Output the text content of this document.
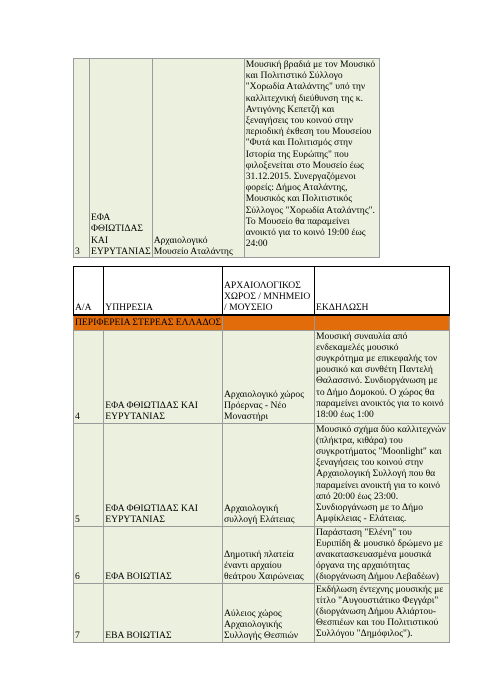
3	ΕΦΑ ΦΘΙΩΤΙΔΑΣ ΚΑΙ ΕΥΡΥΤΑΝΙΑΣ	Αρχαιολογικό Μουσείο Αταλάντης	Μουσική βραδιά με τον Μουσικό και Πολιτιστικό Σύλλογο "Χορωδία Αταλάντης" υπό την καλλιτεχνική διεύθυνση της κ. Αντιγόνης Κεπετζή και ξεναγήσεις του κοινού στην περιοδική έκθεση του Μουσείου "Φυτά και Πολιτισμός στην Ιστορία της Ευρώπης" που φιλοξενείται στο Μουσείο έως 31.12.2015. Συνεργαζόμενοι φορείς: Δήμος Αταλάντης, Μουσικός και Πολιτιστικός Σύλλογος "Χορωδία Αταλάντης". Το Μουσείο θα παραμείνει ανοικτό για το κοινό 19:00 έως 24:00
Α/Α	ΥΠΗΡΕΣΙΑ	ΑΡΧΑΙΟΛΟΓΙΚΟΣ ΧΩΡΟΣ / ΜΝΗΜΕΙΟ / ΜΟΥΣΕΙΟ	ΕΚΔΗΛΩΣΗ
ΠΕΡΙΦΕΡΕΙΑ ΣΤΕΡΕΑΣ ΕΛΛΑΔΟΣ			
4	ΕΦΑ ΦΘΙΩΤΙΔΑΣ ΚΑΙ ΕΥΡΥΤΑΝΙΑΣ	Αρχαιολογικό χώρος Πρόερνας - Νέο Μοναστήρι	Μουσική συναυλία από ενδεκαμελές μουσικό συγκρότημα με επικεφαλής τον μουσικό και συνθέτη Παντελή Θαλασσινό. Συνδιοργάνωση με το Δήμο Δομοκού. Ο χώρος θα παραμείνει ανοικτός για το κοινό 18:00 έως 1:00
5	ΕΦΑ ΦΘΙΩΤΙΔΑΣ ΚΑΙ ΕΥΡΥΤΑΝΙΑΣ	Αρχαιολογική συλλογή Ελάτειας	Μουσικό σχήμα δύο καλλιτεχνών (πλήκτρα, κιθάρα) του συγκροτήματος "Moonlight" και ξεναγήσεις του κοινού στην Αρχαιολογική Συλλογή που θα παραμείνει ανοικτή για το κοινό από 20:00 έως 23:00. Συνδιοργάνωση με το Δήμο Αμφίκλειας - Ελάτειας.
6	ΕΦΑ ΒΟΙΩΤΙΑΣ	Δημοτική πλατεία έναντι αρχαίου θεάτρου Χαιρώνειας	Παράσταση "Ελένη" του Ευριπίδη & μουσικό δρώμενο με ανακατασκευασμένα μουσικά όργανα της αρχαιότητας (διοργάνωση Δήμου Λεβαδέων)
7	ΕΒΑ ΒΟΙΩΤΙΑΣ	Αύλειος χώρος Αρχαιολογικής Συλλογής Θεσπιών	Εκδήλωση έντεχνης μουσικής με τίτλο "Αυγουστιάτικο Φεγγάρι" (διοργάνωση Δήμου Αλιάρτου-Θεσπιέων και του Πολιτιστικού Συλλόγου "Δημόφιλος").
